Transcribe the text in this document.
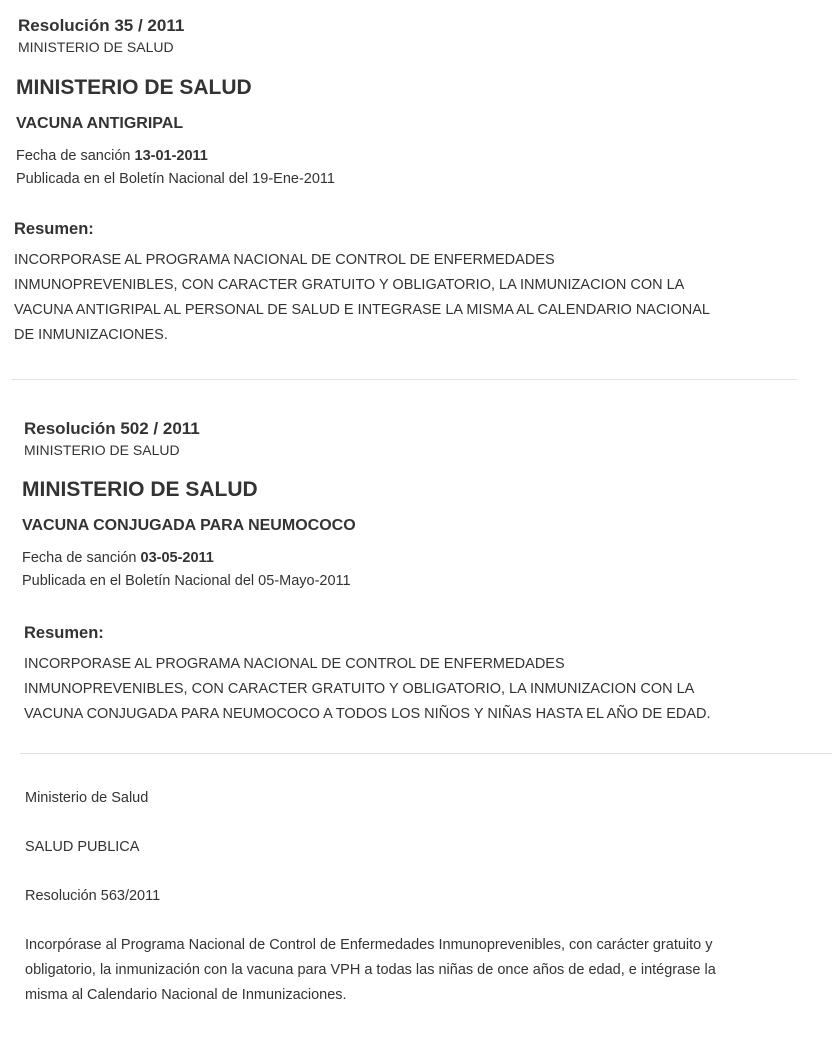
Resolución 35 / 2011
MINISTERIO DE SALUD
MINISTERIO DE SALUD
VACUNA ANTIGRIPAL
Fecha de sanción 13-01-2011
Publicada en el Boletín Nacional del 19-Ene-2011
Resumen:
INCORPORASE AL PROGRAMA NACIONAL DE CONTROL DE ENFERMEDADES
INMUNOPREVENIBLES, CON CARACTER GRATUITO Y OBLIGATORIO, LA INMUNIZACION CON LA
VACUNA ANTIGRIPAL AL PERSONAL DE SALUD E INTEGRASE LA MISMA AL CALENDARIO NACIONAL
DE INMUNIZACIONES.
Resolución 502 / 2011
MINISTERIO DE SALUD
MINISTERIO DE SALUD
VACUNA CONJUGADA PARA NEUMOCOCO
Fecha de sanción 03-05-2011
Publicada en el Boletín Nacional del 05-Mayo-2011
Resumen:
INCORPORASE AL PROGRAMA NACIONAL DE CONTROL DE ENFERMEDADES
INMUNOPREVENIBLES, CON CARACTER GRATUITO Y OBLIGATORIO, LA INMUNIZACION CON LA
VACUNA CONJUGADA PARA NEUMOCOCO A TODOS LOS NIÑOS Y NIÑAS HASTA EL AÑO DE EDAD.

Ministerio de Salud

SALUD PUBLICA

Resolución 563/2011

Incorpórase al Programa Nacional de Control de Enfermedades Inmunoprevenibles, con carácter gratuito y
obligatorio, la inmunización con la vacuna para VPH a todas las niñas de once años de edad, e intégrase la
misma al Calendario Nacional de Inmunizaciones.
